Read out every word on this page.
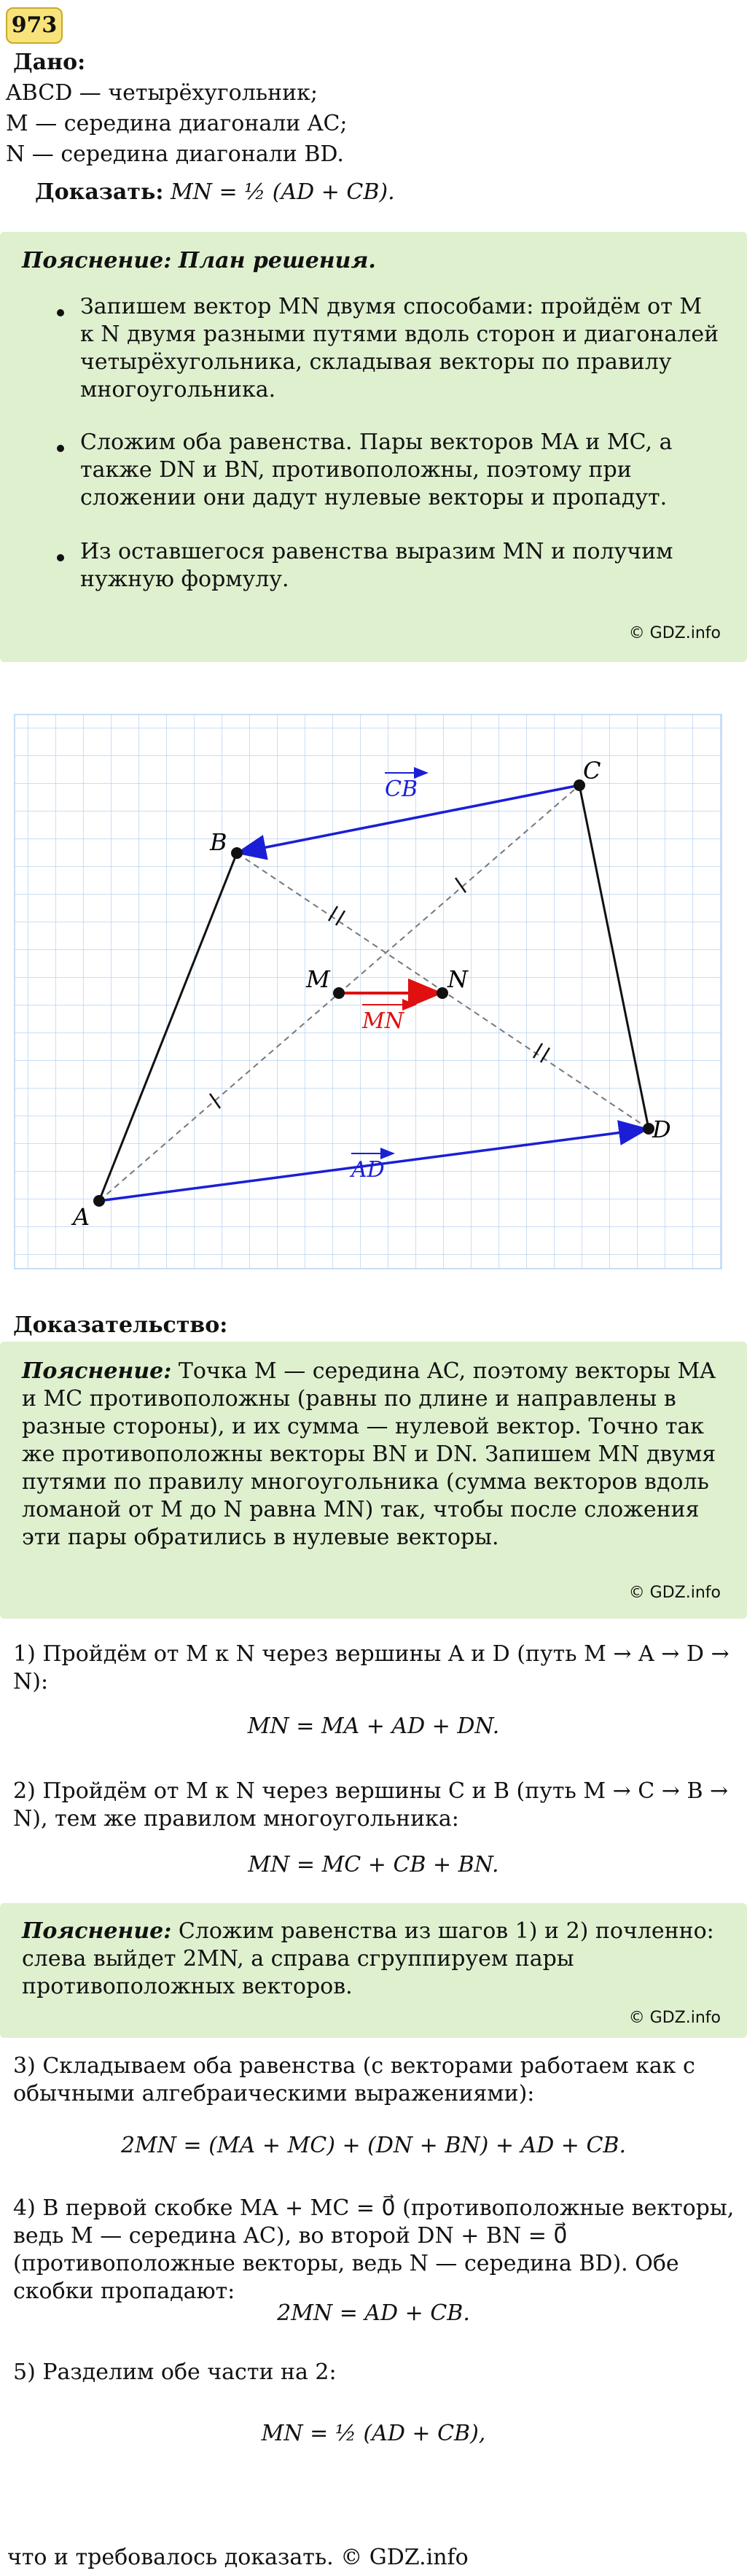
973
Дано:
ABCD — четырёхугольник;
M — середина диагонали AC;
N — середина диагонали BD.
Доказать: MN = ½ (AD + CB).
Пояснение: План решения.
Запишем вектор MN двумя способами: пройдём от M к N двумя разными путями вдоль сторон и диагоналей четырёхугольника, складывая векторы по правилу многоугольника.
Сложим оба равенства. Пары векторов MA и MC, а также DN и BN, противоположны, поэтому при сложении они дадут нулевые векторы и пропадут.
Из оставшегося равенства выразим MN и получим нужную формулу.
© GDZ.info
A
B
C
D
M	N
CB
AD
MN
Доказательство:
Пояснение: Точка M — середина AC, поэтому векторы MA и MC противоположны (равны по длине и направлены в разные стороны), и их сумма — нулевой вектор. Точно так же противоположны векторы BN и DN. Запишем MN двумя путями по правилу многоугольника (сумма векторов вдоль ломаной от M до N равна MN) так, чтобы после сложения эти пары обратились в нулевые векторы.
© GDZ.info
1) Пройдём от M к N через вершины A и D (путь M → A → D → N):
MN = MA + AD + DN.
2) Пройдём от M к N через вершины C и B (путь M → C → B → N), тем же правилом многоугольника:
MN = MC + CB + BN.
Пояснение: Сложим равенства из шагов 1) и 2) почленно: слева выйдет 2MN, а справа сгруппируем пары противоположных векторов.
© GDZ.info
3) Складываем оба равенства (с векторами работаем как с обычными алгебраическими выражениями):
2MN = (MA + MC) + (DN + BN) + AD + CB.
4) В первой скобке MA + MC = 0⃗ (противоположные векторы, ведь M — середина AC), во второй DN + BN = 0⃗ (противоположные векторы, ведь N — середина BD). Обе скобки пропадают:
2MN = AD + CB.
5) Разделим обе части на 2:
MN = ½ (AD + CB),
что и требовалось доказать. © GDZ.info
